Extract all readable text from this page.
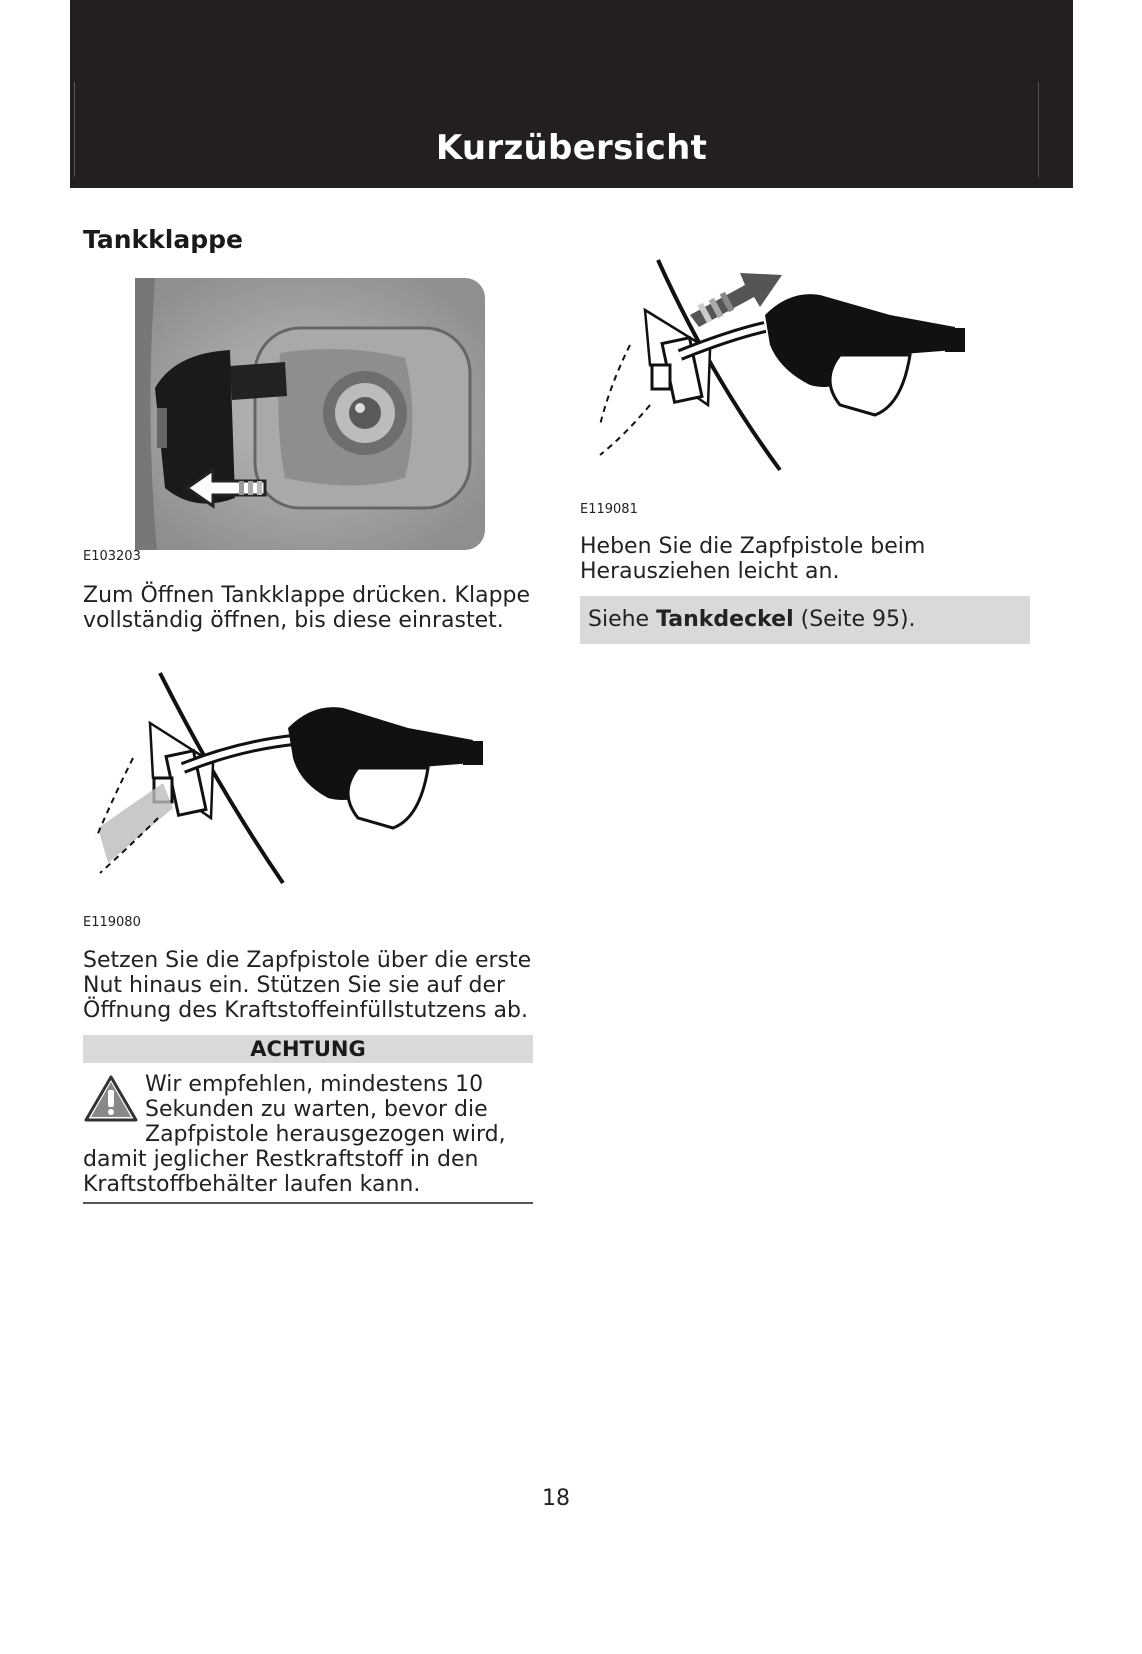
Kurzübersicht
Tankklappe
E103203
Zum Öffnen Tankklappe drücken. Klappe vollständig öffnen, bis diese einrastet.
E119081
Heben Sie die Zapfpistole beim Herausziehen leicht an.
Siehe Tankdeckel (Seite 95).
E119080
Setzen Sie die Zapfpistole über die erste Nut hinaus ein. Stützen Sie sie auf der Öffnung des Kraftstoffeinfüllstutzens ab.
ACHTUNG
Wir empfehlen, mindestens 10 Sekunden zu warten, bevor die Zapfpistole herausgezogen wird,
damit jeglicher Restkraftstoff in den Kraftstoffbehälter laufen kann.
18
